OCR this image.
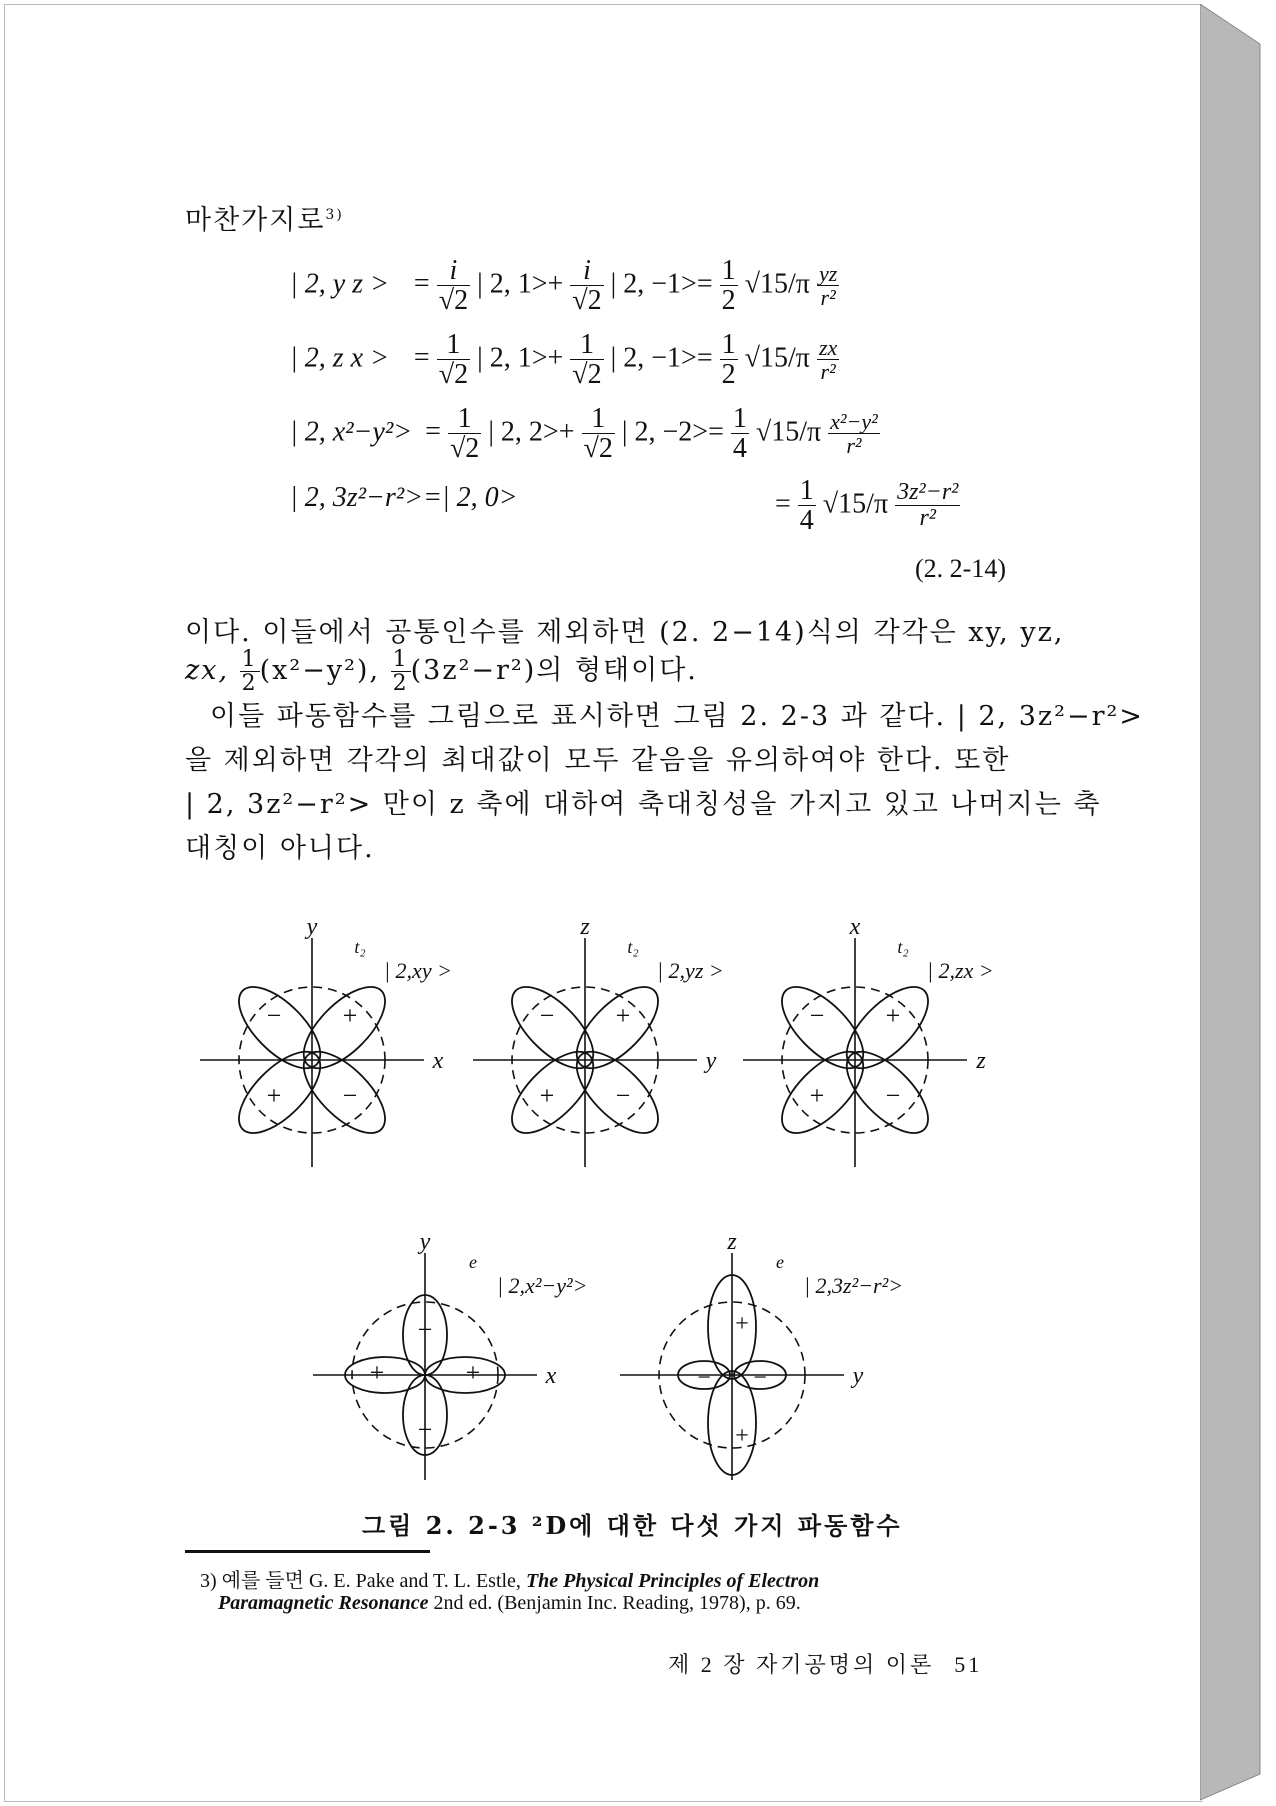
마찬가지로$^{3)}$
| 2, y z > = $\frac{i}{√2}$ | 2, $1>+ \frac{i}{√2}$ | 2, $-1>= \frac{1}{2} √15/\pi \frac{yz}{\text{r²}}$
| 2, z x > = $\frac{1}{√2}$ | 2, $1>+ \frac{1}{√2}$ | 2, $-1>= \frac{1}{2} √15/\pi \frac{zx}{\text{r²}}$
| 2, $x^2-y^2> = \frac{1}{√2}$ | 2, $2>+ \frac{1}{√2}$ | 2, $-2>= \frac{1}{4} √15/\pi \frac{\text{x²−y²}}{\text{r²}}$
| 2, 3z²−r²>=| 2, 0>	= $\frac{1}{4} √15/\pi \frac{\text{3z²−r²}}{\text{r²}}$
(2. 2-14)
이다. 이들에서 공통인수를 제외하면 (2. 2−14)식의 각각은 xy, yz,
zx, $\frac{1}{2} (x^2-y^2)$, $\frac{1}{2} (3z^2-r^2)$의 형태이다.
이들 파동함수를 그림으로 표시하면 그림 2. 2-3 과 같다. | 2, 3z²−r²>
을 제외하면 각각의 최대값이 모두 같음을 유의하여야 한다. 또한
| 2, 3z²−r²> 만이 z 축에 대하여 축대칭성을 가지고 있고 나머지는 축
대칭이 아니다.
y
x
t₂
| 2,xy >
− +
+ −
z
y
t₂
| 2,yz >
− +
+ −
x
z
t₂
| 2,zx >
− +
+ −
y
x
e
| 2,x²−y²>
−
+	+
−
z
y
e
| 2,3z²−r²>
+
− −
+
그림 2. 2-3 ²D에 대한 다섯 가지 파동함수
3) 예를 들면 G. E. Pake and T. L. Estle, The Physical Principles of Electron
Paramagnetic Resonance 2nd ed. (Benjamin Inc. Reading, 1978), p. 69.
제 2 장 자기공명의 이론 51
